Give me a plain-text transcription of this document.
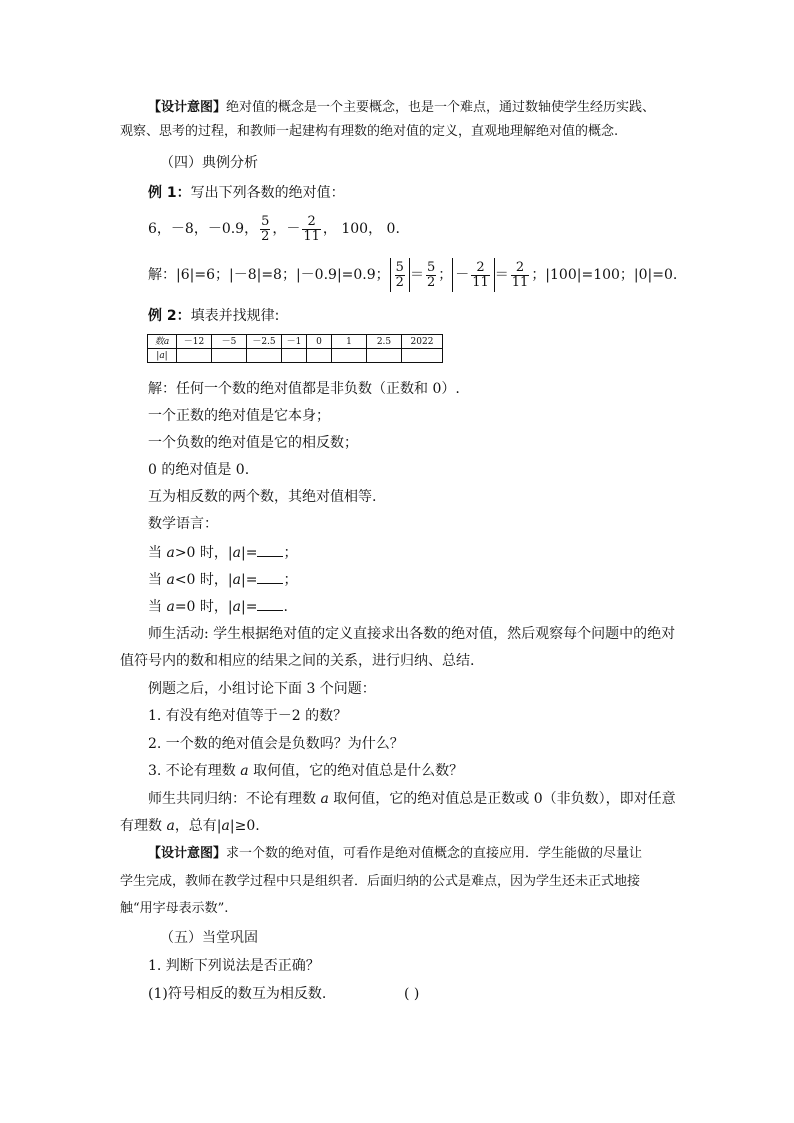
【设计意图】绝对值的概念是一个主要概念，也是一个难点，通过数轴使学生经历实践、
观察、思考的过程，和教师一起建构有理数的绝对值的定义，直观地理解绝对值的概念.
（四）典例分析
例 1：写出下列各数的绝对值：
6，－8，－0.9， $\frac{5}{2}$ ，－ $\frac{2}{11}$ ， 100， 0.
解：|6|=6；|－8|=8；|－0.9|=0.9； $\frac{5}{2} = \frac{5}{2}$ ； － $\frac{2}{11} = \frac{2}{11}$ ；|100|=100；|0|=0.
例 2：填表并找规律:
数a	－12	－5	－2.5	－1	0	1	2.5	2022
|a|								
解：任何一个数的绝对值都是非负数（正数和 0）.
一个正数的绝对值是它本身；
一个负数的绝对值是它的相反数；
0 的绝对值是 0.
互为相反数的两个数，其绝对值相等.
数学语言：
当 a>0 时，|a|= ；
当 a<0 时，|a|= ；
当 a=0 时，|a|= .
师生活动: 学生根据绝对值的定义直接求出各数的绝对值，然后观察每个问题中的绝对
值符号内的数和相应的结果之间的关系，进行归纳、总结.
例题之后，小组讨论下面 3 个问题：
1. 有没有绝对值等于－2 的数？
2. 一个数的绝对值会是负数吗？为什么？
3. 不论有理数 a 取何值，它的绝对值总是什么数？
师生共同归纳：不论有理数 a 取何值，它的绝对值总是正数或 0（非负数），即对任意
有理数 a，总有|a|≥0.
【设计意图】求一个数的绝对值，可看作是绝对值概念的直接应用．学生能做的尽量让
学生完成，教师在教学过程中只是组织者．后面归纳的公式是难点，因为学生还未正式地接
触“用字母表示数”.
（五）当堂巩固
1. 判断下列说法是否正确？
(1)符号相反的数互为相反数.	( )
